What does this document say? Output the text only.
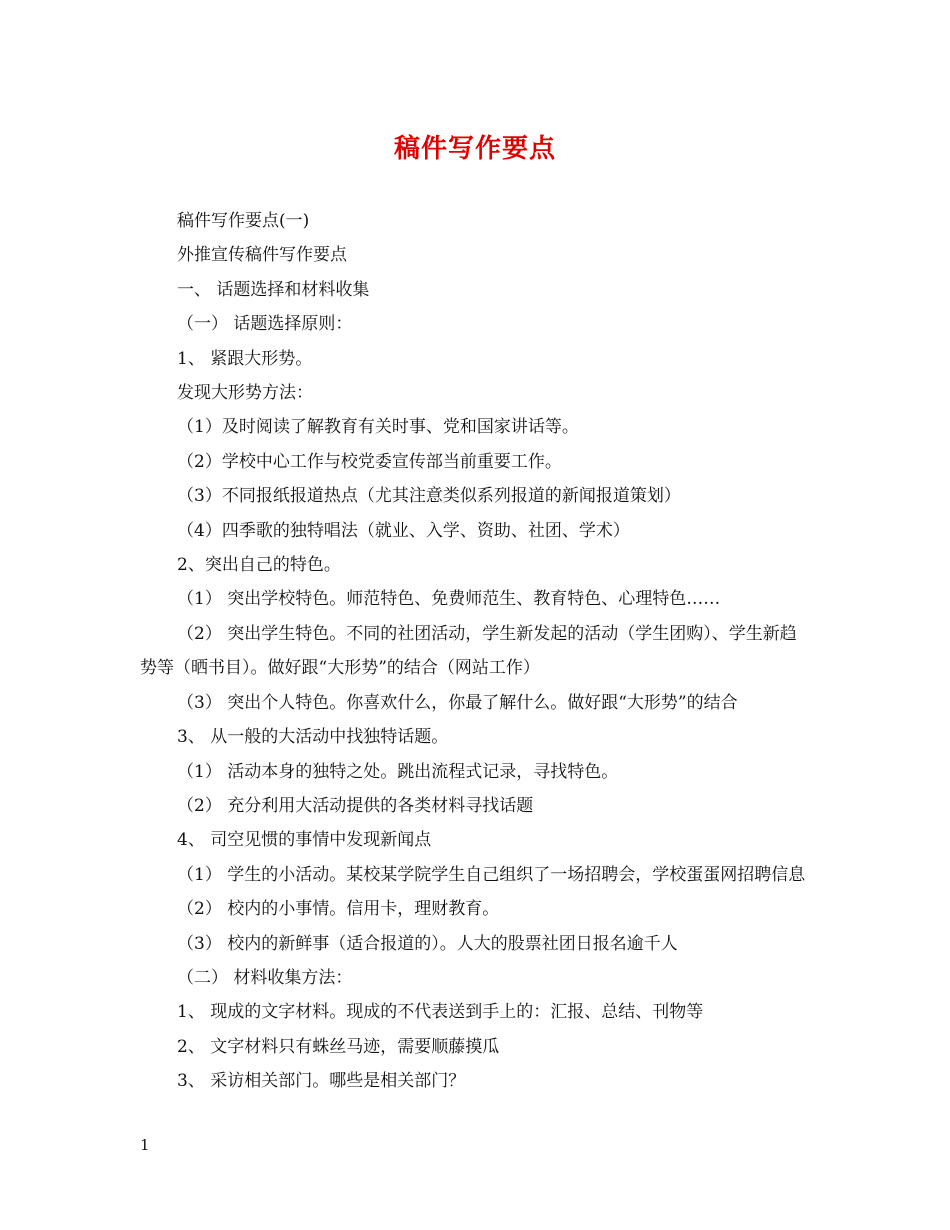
稿件写作要点
稿件写作要点(一)
外推宣传稿件写作要点
一、 话题选择和材料收集
（一） 话题选择原则：
1、 紧跟大形势。
发现大形势方法：
（1）及时阅读了解教育有关时事、党和国家讲话等。
（2）学校中心工作与校党委宣传部当前重要工作。
（3）不同报纸报道热点（尤其注意类似系列报道的新闻报道策划）
（4）四季歌的独特唱法（就业、入学、资助、社团、学术）
2、突出自己的特色。
（1） 突出学校特色。师范特色、免费师范生、教育特色、心理特色……
（2） 突出学生特色。不同的社团活动，学生新发起的活动（学生团购）、学生新趋势等（晒书目）。做好跟“大形势”的结合（网站工作）
（3） 突出个人特色。你喜欢什么，你最了解什么。做好跟“大形势”的结合
3、 从一般的大活动中找独特话题。
（1） 活动本身的独特之处。跳出流程式记录，寻找特色。
（2） 充分利用大活动提供的各类材料寻找话题
4、 司空见惯的事情中发现新闻点
（1） 学生的小活动。某校某学院学生自己组织了一场招聘会，学校蛋蛋网招聘信息
（2） 校内的小事情。信用卡，理财教育。
（3） 校内的新鲜事（适合报道的）。人大的股票社团日报名逾千人
（二） 材料收集方法：
1、 现成的文字材料。现成的不代表送到手上的：汇报、总结、刊物等
2、 文字材料只有蛛丝马迹，需要顺藤摸瓜
3、 采访相关部门。哪些是相关部门？
1
